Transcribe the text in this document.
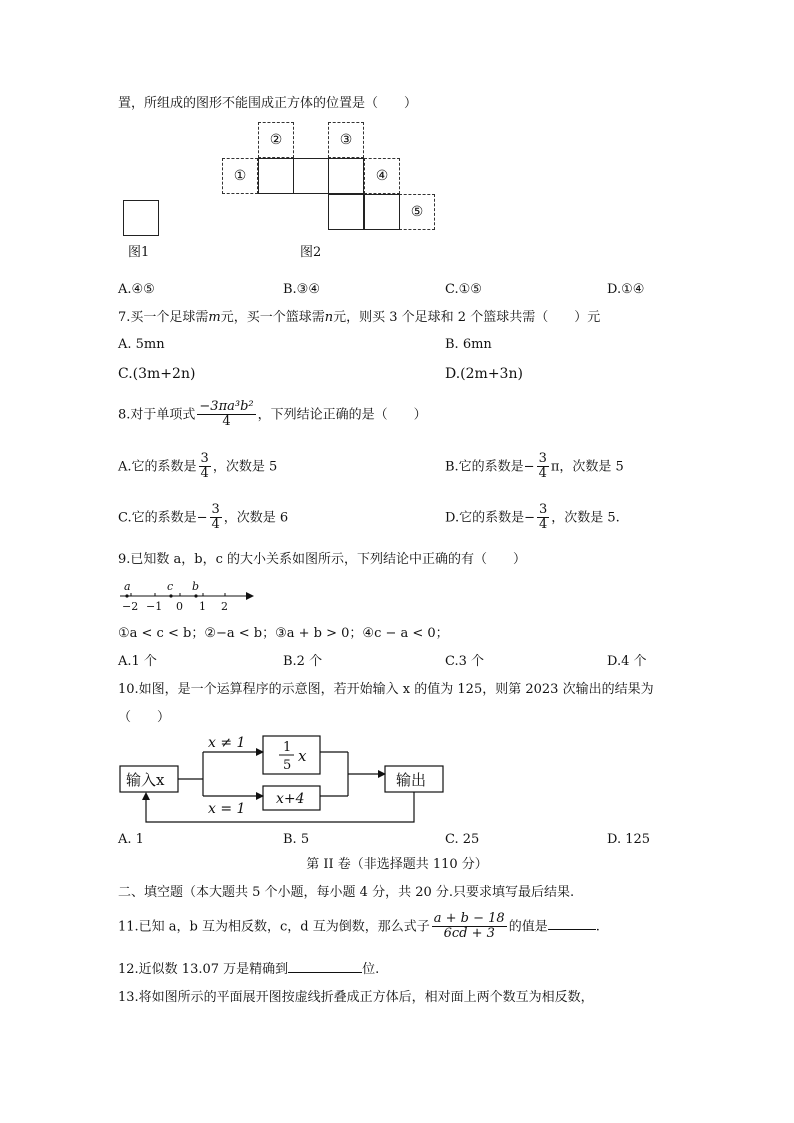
置，所组成的图形不能围成正方体的位置是（　　）
图1
①
②	③
④
⑤
图2
A.④⑤	B.③④	C.①⑤	D.①④
7.买一个足球需m元，买一个篮球需n元，则买 3 个足球和 2 个篮球共需（　　）元
A. 5mn	B. 6mn
C.(3m+2n)	D.(2m+3n)
8.对于单项式 $\frac{\text{−3πa³b²}}{4}$ ，下列结论正确的是（　　）
A.它的系数是 $\frac{3}{4}$ ，次数是 5	B.它的系数是− $\frac{3}{4}$ π，次数是 5
C.它的系数是− $\frac{3}{4}$ ，次数是 6	D.它的系数是− $\frac{3}{4}$ ，次数是 5.
9.已知数 a，b，c 的大小关系如图所示，下列结论中正确的有（　　）
a	c b
−2 −1 0 1 2
①a < c < b；②−a < b；③a + b > 0；④c − a < 0；
A.1 个	B.2 个	C.3 个	D.4 个
10.如图，是一个运算程序的示意图，若开始输入 x 的值为 125，则第 2023 次输出的结果为
（　　）
输入x
x ≠ 1
x = 1
1
5
x
x+4
输出
A. 1	B. 5	C. 25	D. 125
第 II 卷（非选择题共 110 分）
二、填空题（本大题共 5 个小题，每小题 4 分，共 20 分.只要求填写最后结果.
11.已知 a，b 互为相反数，c，d 互为倒数，那么式子 $\frac{a + b - 18}{6cd + 3}$ 的值是	.
12.近似数 13.07 万是精确到	位.
13.将如图所示的平面展开图按虚线折叠成正方体后，相对面上两个数互为相反数，
